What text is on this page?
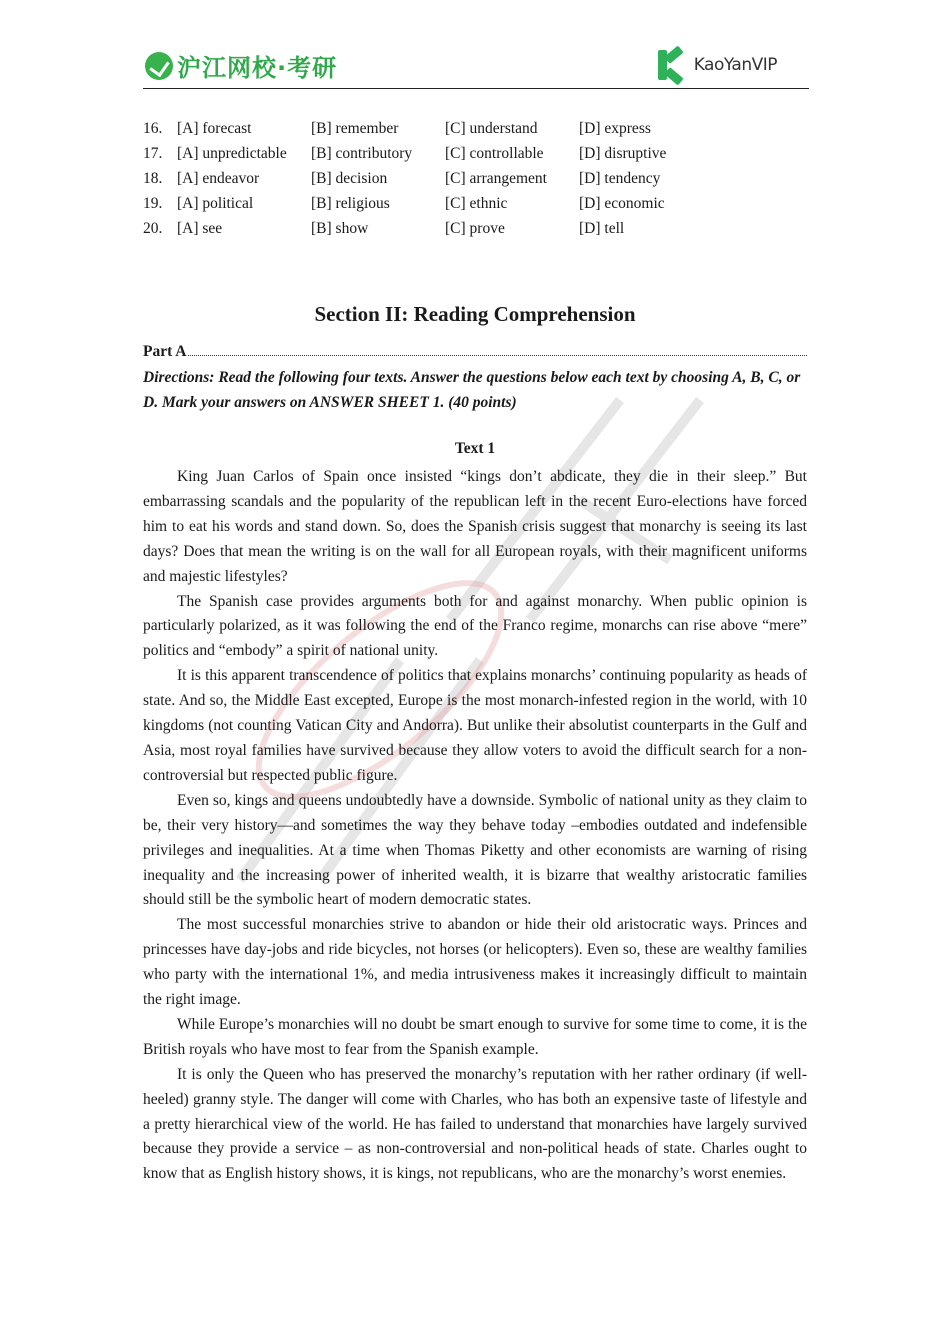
沪江网校·考研	KaoYanVIP
16. [A] forecast	[B] remember	[C] understand	[D] express
17. [A] unpredictable	[B] contributory	[C] controllable	[D] disruptive
18. [A] endeavor	[B] decision	[C] arrangement	[D] tendency
19. [A] political	[B] religious	[C] ethnic	[D] economic
20. [A] see	[B] show	[C] prove	[D] tell
Section II: Reading Comprehension
Part A
Directions: Read the following four texts. Answer the questions below each text by choosing A, B, C, or D. Mark your answers on ANSWER SHEET 1. (40 points)
Text 1

King Juan Carlos of Spain once insisted “kings don’t abdicate, they die in their sleep.” But embarrassing scandals and the popularity of the republican left in the recent Euro-elections have forced him to eat his words and stand down. So, does the Spanish crisis suggest that monarchy is seeing its last days? Does that mean the writing is on the wall for all European royals, with their magnificent uniforms and majestic lifestyles?

The Spanish case provides arguments both for and against monarchy. When public opinion is particularly polarized, as it was following the end of the Franco regime, monarchs can rise above “mere” politics and “embody” a spirit of national unity.

It is this apparent transcendence of politics that explains monarchs’ continuing popularity as heads of state. And so, the Middle East excepted, Europe is the most monarch-infested region in the world, with 10 kingdoms (not counting Vatican City and Andorra). But unlike their absolutist counterparts in the Gulf and Asia, most royal families have survived because they allow voters to avoid the difficult search for a non-controversial but respected public figure.

Even so, kings and queens undoubtedly have a downside. Symbolic of national unity as they claim to be, their very history—and sometimes the way they behave today –embodies outdated and indefensible privileges and inequalities. At a time when Thomas Piketty and other economists are warning of rising inequality and the increasing power of inherited wealth, it is bizarre that wealthy aristocratic families should still be the symbolic heart of modern democratic states.

The most successful monarchies strive to abandon or hide their old aristocratic ways. Princes and princesses have day-jobs and ride bicycles, not horses (or helicopters). Even so, these are wealthy families who party with the international 1%, and media intrusiveness makes it increasingly difficult to maintain the right image.

While Europe’s monarchies will no doubt be smart enough to survive for some time to come, it is the British royals who have most to fear from the Spanish example.

It is only the Queen who has preserved the monarchy’s reputation with her rather ordinary (if well-heeled) granny style. The danger will come with Charles, who has both an expensive taste of lifestyle and a pretty hierarchical view of the world. He has failed to understand that monarchies have largely survived because they provide a service – as non-controversial and non-political heads of state. Charles ought to know that as English history shows, it is kings, not republicans, who are the monarchy’s worst enemies.
